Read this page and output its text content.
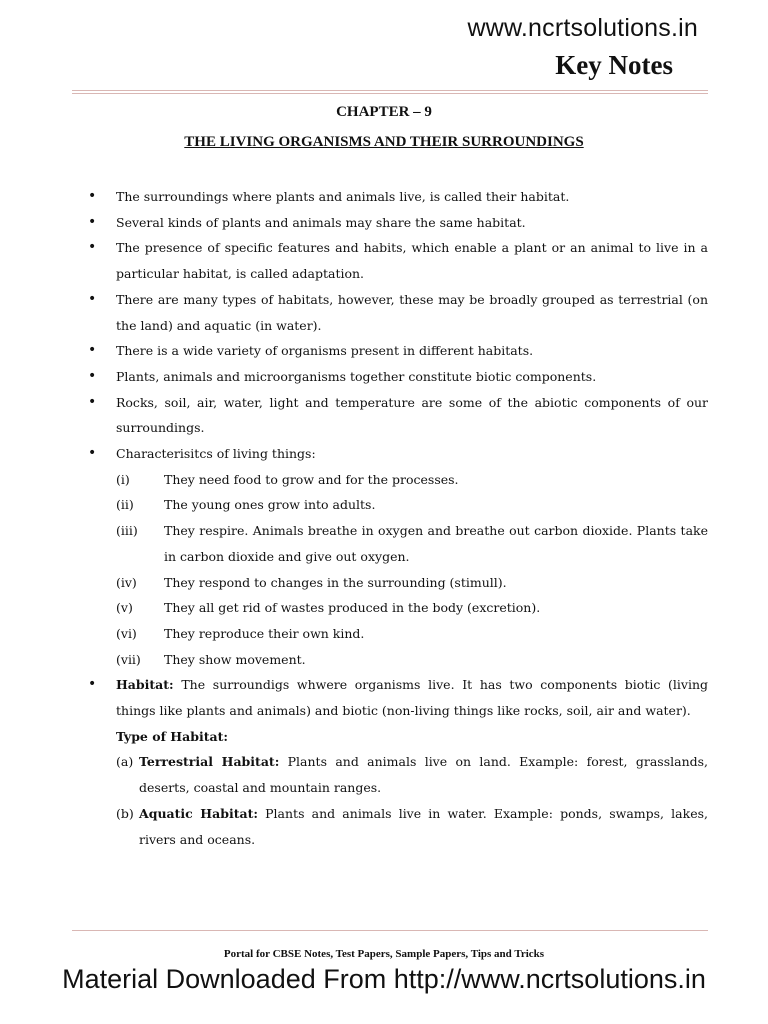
www.ncrtsolutions.in
Key Notes
CHAPTER – 9
THE LIVING ORGANISMS AND THEIR SURROUNDINGS
• The surroundings where plants and animals live, is called their habitat.
• Several kinds of plants and animals may share the same habitat.
• The presence of specific features and habits, which enable a plant or an animal to live in a particular habitat, is called adaptation.
• There are many types of habitats, however, these may be broadly grouped as terrestrial (on the land) and aquatic (in water).
• There is a wide variety of organisms present in different habitats.
• Plants, animals and microorganisms together constitute biotic components.
• Rocks, soil, air, water, light and temperature are some of the abiotic components of our surroundings.
• Characterisitcs of living things:
(i)	They need food to grow and for the processes.
(ii) The young ones grow into adults.
(iii) They respire. Animals breathe in oxygen and breathe out carbon dioxide. Plants take in carbon dioxide and give out oxygen.
(iv) They respond to changes in the surrounding (stimull).
(v) They all get rid of wastes produced in the body (excretion).
(vi) They reproduce their own kind.
(vii) They show movement.
• Habitat: The surroundigs whwere organisms live. It has two components biotic (living things like plants and animals) and biotic (non-living things like rocks, soil, air and water).
Type of Habitat:
(a) Terrestrial Habitat: Plants and animals live on land. Example: forest, grasslands, deserts, coastal and mountain ranges.
(b) Aquatic Habitat: Plants and animals live in water. Example: ponds, swamps, lakes, rivers and oceans.
Portal for CBSE Notes, Test Papers, Sample Papers, Tips and Tricks
Material Downloaded From http://www.ncrtsolutions.in
